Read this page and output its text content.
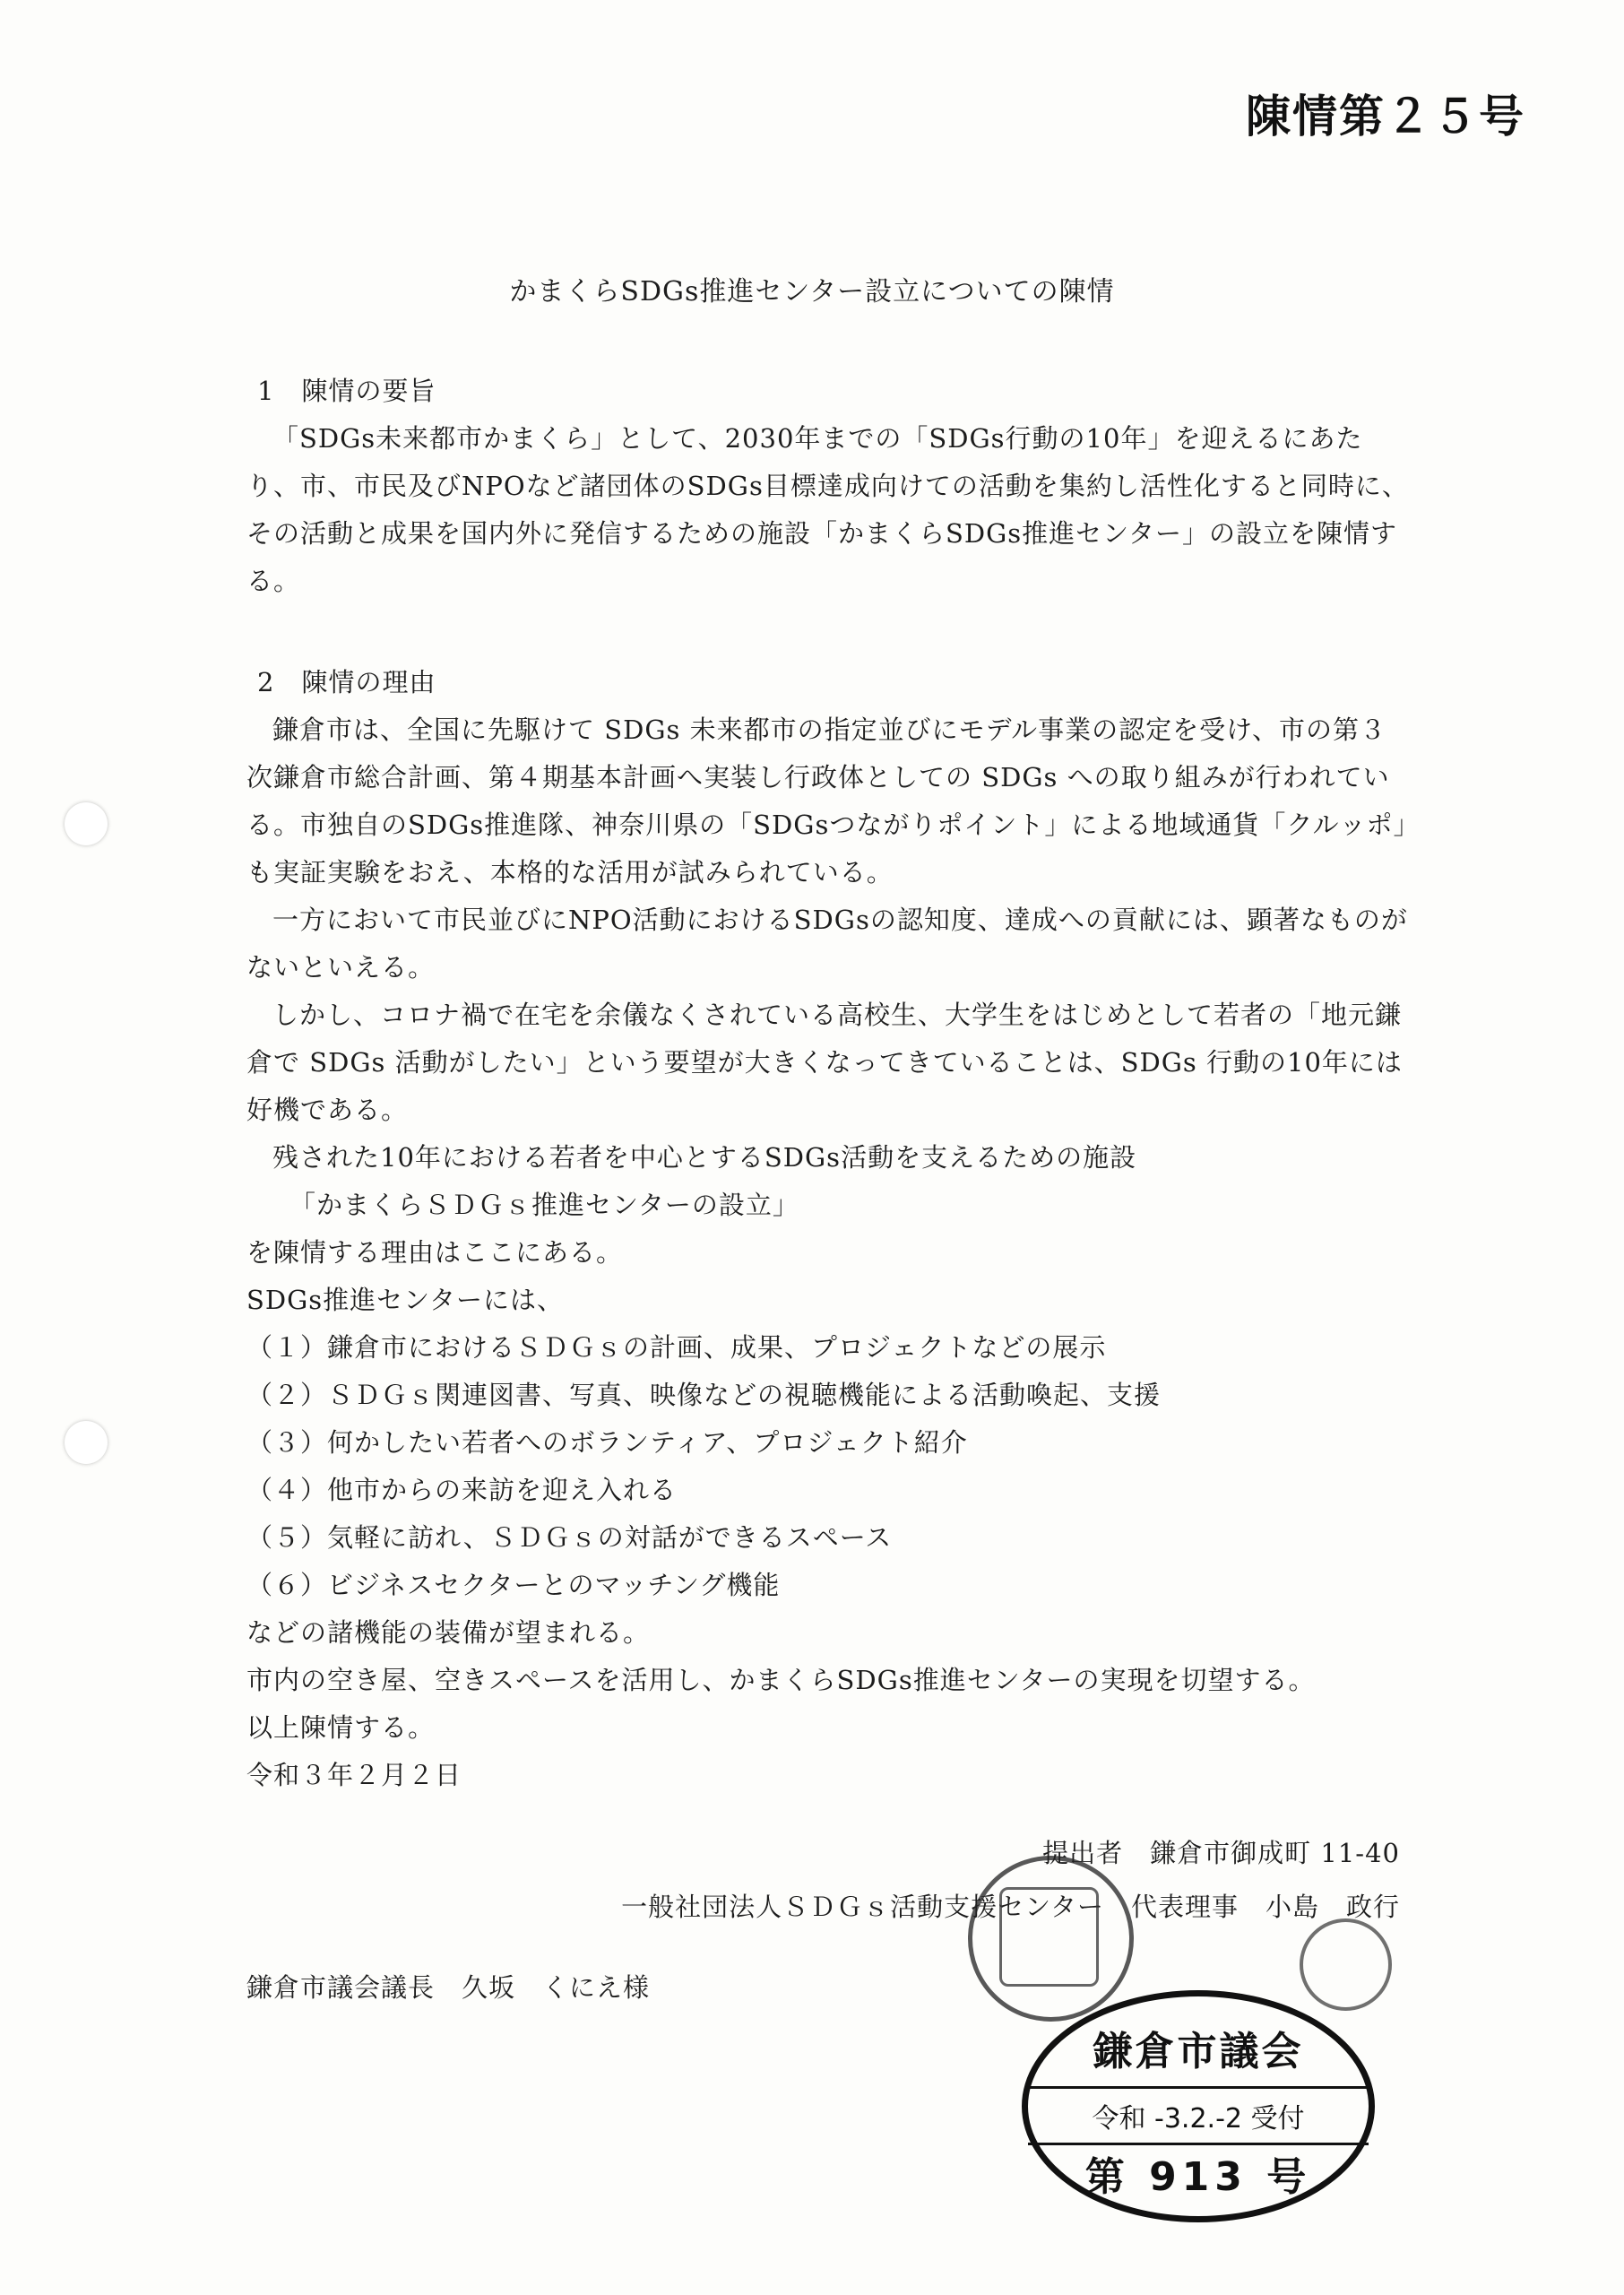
陳情第２５号
かまくらSDGs推進センター設立についての陳情

1　陳情の要旨

「SDGs未来都市かまくら」として、2030年までの「SDGs行動の10年」を迎えるにあたり、市、市民及びNPOなど諸団体のSDGs目標達成向けての活動を集約し活性化すると同時に、その活動と成果を国内外に発信するための施設「かまくらSDGs推進センター」の設立を陳情する。

2　陳情の理由

鎌倉市は、全国に先駆けて SDGs 未来都市の指定並びにモデル事業の認定を受け、市の第３次鎌倉市総合計画、第４期基本計画へ実装し行政体としての SDGs への取り組みが行われている。市独自のSDGs推進隊、神奈川県の「SDGsつながりポイント」による地域通貨「クルッポ」も実証実験をおえ、本格的な活用が試みられている。

一方において市民並びにNPO活動におけるSDGsの認知度、達成への貢献には、顕著なものがないといえる。

しかし、コロナ禍で在宅を余儀なくされている高校生、大学生をはじめとして若者の「地元鎌倉で SDGs 活動がしたい」という要望が大きくなってきていることは、SDGs 行動の10年には好機である。

残された10年における若者を中心とするSDGs活動を支えるための施設

「かまくらＳＤＧｓ推進センターの設立」

を陳情する理由はここにある。

SDGs推進センターには、

（１）鎌倉市におけるＳＤＧｓの計画、成果、プロジェクトなどの展示

（２）ＳＤＧｓ関連図書、写真、映像などの視聴機能による活動喚起、支援

（３）何かしたい若者へのボランティア、プロジェクト紹介

（４）他市からの来訪を迎え入れる

（５）気軽に訪れ、ＳＤＧｓの対話ができるスペース

（６）ビジネスセクターとのマッチング機能

などの諸機能の装備が望まれる。

市内の空き屋、空きスペースを活用し、かまくらSDGs推進センターの実現を切望する。

以上陳情する。

令和３年２月２日

提出者　鎌倉市御成町 11-40
一般社団法人ＳＤＧｓ活動支援センター　代表理事　小島　政行
鎌倉市議会議長　久坂　くにえ様
鎌倉市議会
令和 -3.2.-2 受付
第 913 号
